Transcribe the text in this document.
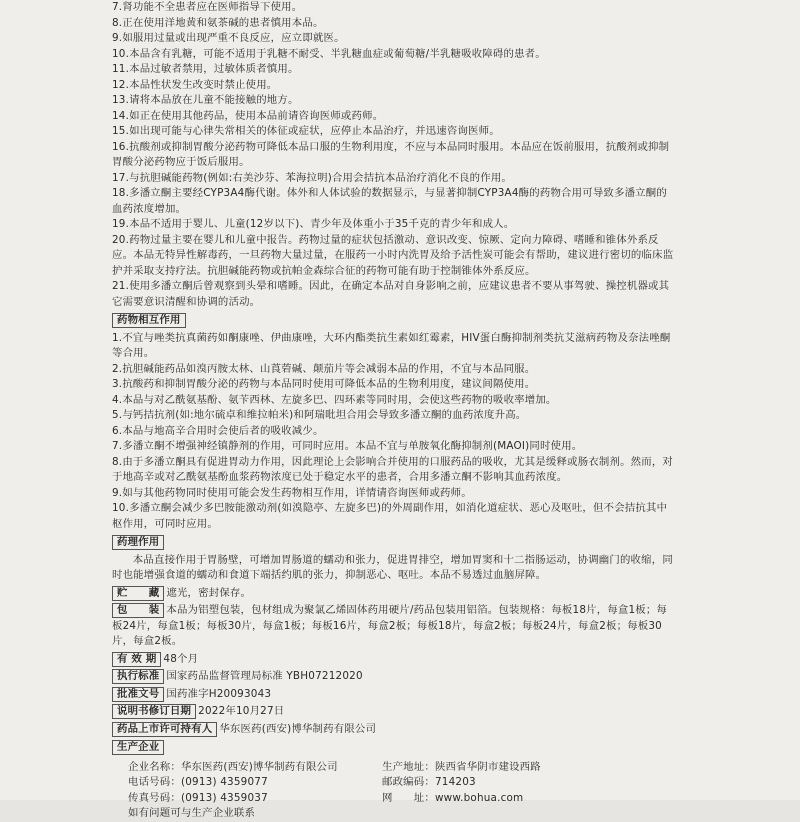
7.肾功能不全患者应在医师指导下使用。

8.正在使用洋地黄和氨茶碱的患者慎用本品。

9.如服用过量或出现严重不良反应，应立即就医。

10.本品含有乳糖，可能不适用于乳糖不耐受、半乳糖血症或葡萄糖/半乳糖吸收障碍的患者。

11.本品过敏者禁用，过敏体质者慎用。

12.本品性状发生改变时禁止使用。

13.请将本品放在儿童不能接触的地方。

14.如正在使用其他药品，使用本品前请咨询医师或药师。

15.如出现可能与心律失常相关的体征或症状，应停止本品治疗，并迅速咨询医师。

16.抗酸剂或抑制胃酸分泌药物可降低本品口服的生物利用度，不应与本品同时服用。本品应在饭前服用，抗酸剂或抑制胃酸分泌药物应于饭后服用。

17.与抗胆碱能药物(例如:右美沙芬、苯海拉明)合用会拮抗本品治疗消化不良的作用。

18.多潘立酮主要经CYP3A4酶代谢。体外和人体试验的数据显示，与显著抑制CYP3A4酶的药物合用可导致多潘立酮的血药浓度增加。

19.本品不适用于婴儿、儿童(12岁以下)、青少年及体重小于35千克的青少年和成人。

20.药物过量主要在婴儿和儿童中报告。药物过量的症状包括激动、意识改变、惊厥、定向力障碍、嗜睡和锥体外系反应。本品无特异性解毒药，一旦药物大量过量，在服药一小时内洗胃及给予活性炭可能会有帮助，建议进行密切的临床监护并采取支持疗法。抗胆碱能药物或抗帕金森综合征的药物可能有助于控制锥体外系反应。

21.使用多潘立酮后曾观察到头晕和嗜睡。因此，在确定本品对自身影响之前，应建议患者不要从事驾驶、操控机器或其它需要意识清醒和协调的活动。

药物相互作用

1.不宜与唑类抗真菌药如酮康唑、伊曲康唑，大环内酯类抗生素如红霉素，HIV蛋白酶抑制剂类抗艾滋病药物及奈法唑酮等合用。

2.抗胆碱能药品如溴丙胺太林、山莨菪碱、颠茄片等会减弱本品的作用，不宜与本品同服。

3.抗酸药和抑制胃酸分泌的药物与本品同时使用可降低本品的生物利用度，建议间隔使用。

4.本品与对乙酰氨基酚、氨苄西林、左旋多巴、四环素等同时用，会使这些药物的吸收率增加。

5.与钙拮抗剂(如:地尔硫卓和维拉帕米)和阿瑞吡坦合用会导致多潘立酮的血药浓度升高。

6.本品与地高辛合用时会使后者的吸收减少。

7.多潘立酮不增强神经镇静剂的作用，可同时应用。本品不宜与单胺氧化酶抑制剂(MAOI)同时使用。

8.由于多潘立酮具有促进胃动力作用，因此理论上会影响合并使用的口服药品的吸收，尤其是缓释或肠衣制剂。然而，对于地高辛或对乙酰氨基酚血浆药物浓度已处于稳定水平的患者，合用多潘立酮不影响其血药浓度。

9.如与其他药物同时使用可能会发生药物相互作用，详情请咨询医师或药师。

10.多潘立酮会减少多巴胺能激动剂(如溴隐亭、左旋多巴)的外周副作用，如消化道症状、恶心及呕吐，但不会拮抗其中枢作用，可同时应用。

药理作用

本品直接作用于胃肠壁，可增加胃肠道的蠕动和张力，促进胃排空，增加胃窦和十二指肠运动，协调幽门的收缩，同时也能增强食道的蠕动和食道下端括约肌的张力，抑制恶心、呕吐。本品不易透过血脑屏障。

贮　　藏 遮光，密封保存。

包　　装 本品为铝塑包装，包材组成为聚氯乙烯固体药用硬片/药品包装用铝箔。包装规格：每板18片，每盒1板；每板24片，每盒1板；每板30片，每盒1板；每板16片，每盒2板；每板18片，每盒2板；每板24片，每盒2板；每板30片，每盒2板。

有 效 期 48个月

执行标准 国家药品监督管理局标准 YBH07212020

批准文号 国药准字H20093043

说明书修订日期 2022年10月27日

药品上市许可持有人 华东医药(西安)博华制药有限公司

生产企业

企业名称：华东医药(西安)博华制药有限公司	生产地址：陕西省华阴市建设西路
电话号码：(0913) 4359077	邮政编码：714203
传真号码：(0913) 4359037	网　　址：www.bohua.com
如有问题可与生产企业联系
